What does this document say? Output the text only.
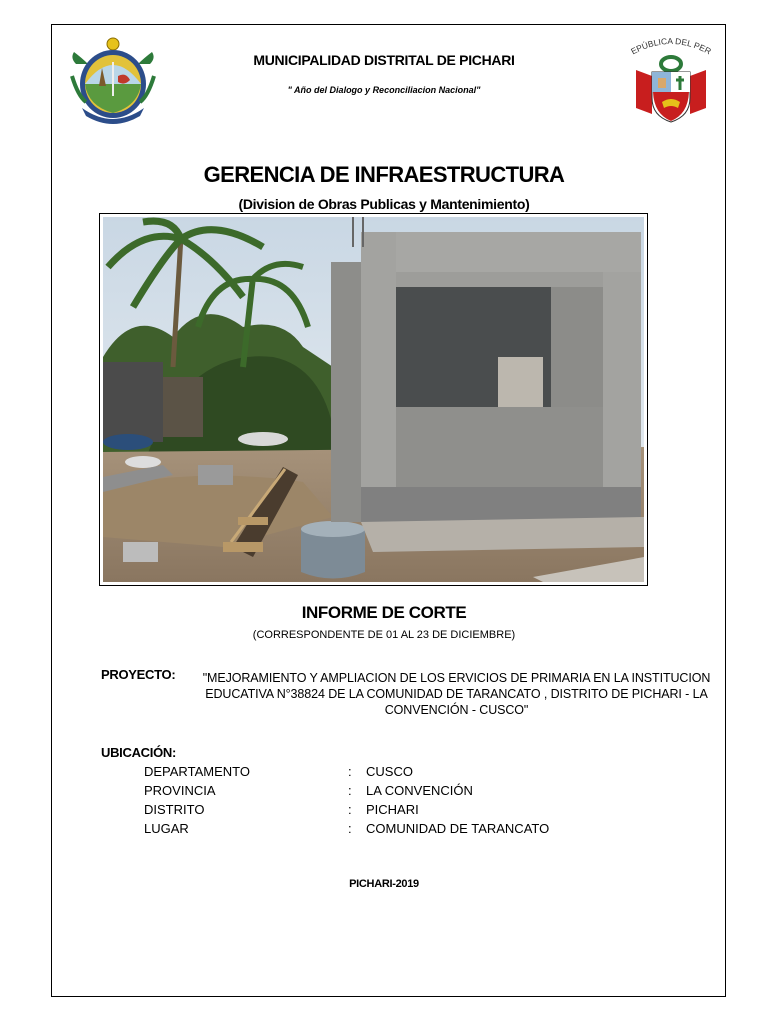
EPÚBLICA DEL PER
MUNICIPALIDAD DISTRITAL DE PICHARI
" Año del Dialogo y Reconciliacion Nacional"
GERENCIA DE INFRAESTRUCTURA
(Division de Obras Publicas y Mantenimiento)
INFORME DE CORTE
(CORRESPONDENTE DE 01 AL 23 DE DICIEMBRE)
PROYECTO:	"MEJORAMIENTO Y AMPLIACION DE LOS ERVICIOS DE PRIMARIA EN LA INSTITUCION EDUCATIVA N°38824 DE LA COMUNIDAD DE TARANCATO , DISTRITO DE PICHARI - LA CONVENCIÓN - CUSCO"
UBICACIÓN:
DEPARTAMENTO	: CUSCO
PROVINCIA	: LA CONVENCIÓN
DISTRITO	: PICHARI
LUGAR	: COMUNIDAD DE TARANCATO
PICHARI-2019
